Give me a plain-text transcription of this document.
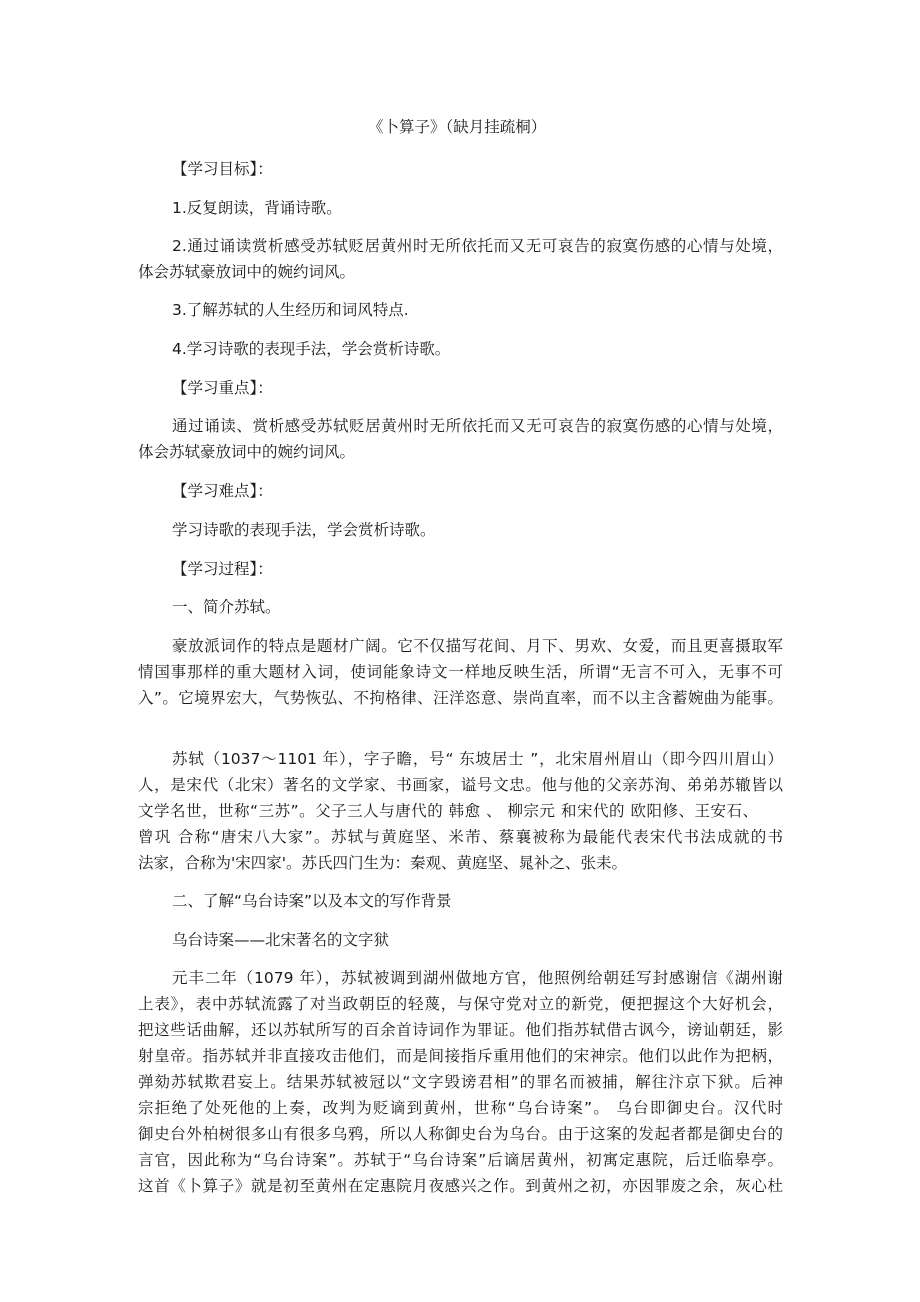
《卜算子》（缺月挂疏桐）
【学习目标】：
1.反复朗读，背诵诗歌。
2.通过诵读赏析感受苏轼贬居黄州时无所依托而又无可哀告的寂寞伤感的心情与处境，
体会苏轼豪放词中的婉约词风。
3.了解苏轼的人生经历和词风特点.
4.学习诗歌的表现手法，学会赏析诗歌。
【学习重点】：
通过诵读、赏析感受苏轼贬居黄州时无所依托而又无可哀告的寂寞伤感的心情与处境，
体会苏轼豪放词中的婉约词风。
【学习难点】：
学习诗歌的表现手法，学会赏析诗歌。
【学习过程】：
一、简介苏轼。
豪放派词作的特点是题材广阔。它不仅描写花间、月下、男欢、女爱，而且更喜摄取军
情国事那样的重大题材入词，使词能象诗文一样地反映生活，所谓“无言不可入，无事不可
入”。它境界宏大，气势恢弘、不拘格律、汪洋恣意、崇尚直率，而不以主含蓄婉曲为能事。
苏轼（1037～1101 年），字子瞻，号“ 东坡居士 ”，北宋眉州眉山（即今四川眉山）
人，是宋代（北宋）著名的文学家、书画家，谥号文忠。他与他的父亲苏洵、弟弟苏辙皆以
文学名世，世称“三苏”。父子三人与唐代的 韩愈 、 柳宗元 和宋代的 欧阳修、王安石、
曾巩 合称“唐宋八大家”。苏轼与黄庭坚、米芾、蔡襄被称为最能代表宋代书法成就的书
法家，合称为'宋四家'。苏氏四门生为：秦观、黄庭坚、晁补之、张耒。
二、了解“乌台诗案”以及本文的写作背景
乌台诗案——北宋著名的文字狱
元丰二年（1079 年），苏轼被调到湖州做地方官，他照例给朝廷写封感谢信《湖州谢
上表》，表中苏轼流露了对当政朝臣的轻蔑，与保守党对立的新党，便把握这个大好机会，
把这些话曲解，还以苏轼所写的百余首诗词作为罪证。他们指苏轼借古讽今，谤讪朝廷，影
射皇帝。指苏轼并非直接攻击他们，而是间接指斥重用他们的宋神宗。他们以此作为把柄，
弹劾苏轼欺君妄上。结果苏轼被冠以“文字毁谤君相”的罪名而被捕，解往汴京下狱。后神
宗拒绝了处死他的上奏，改判为贬谪到黄州，世称“乌台诗案”。 乌台即御史台。汉代时
御史台外柏树很多山有很多乌鸦，所以人称御史台为乌台。由于这案的发起者都是御史台的
言官，因此称为“乌台诗案”。苏轼于“乌台诗案”后谪居黄州，初寓定惠院，后迁临皋亭。
这首《卜算子》就是初至黄州在定惠院月夜感兴之作。到黄州之初，亦因罪废之余，灰心杜
